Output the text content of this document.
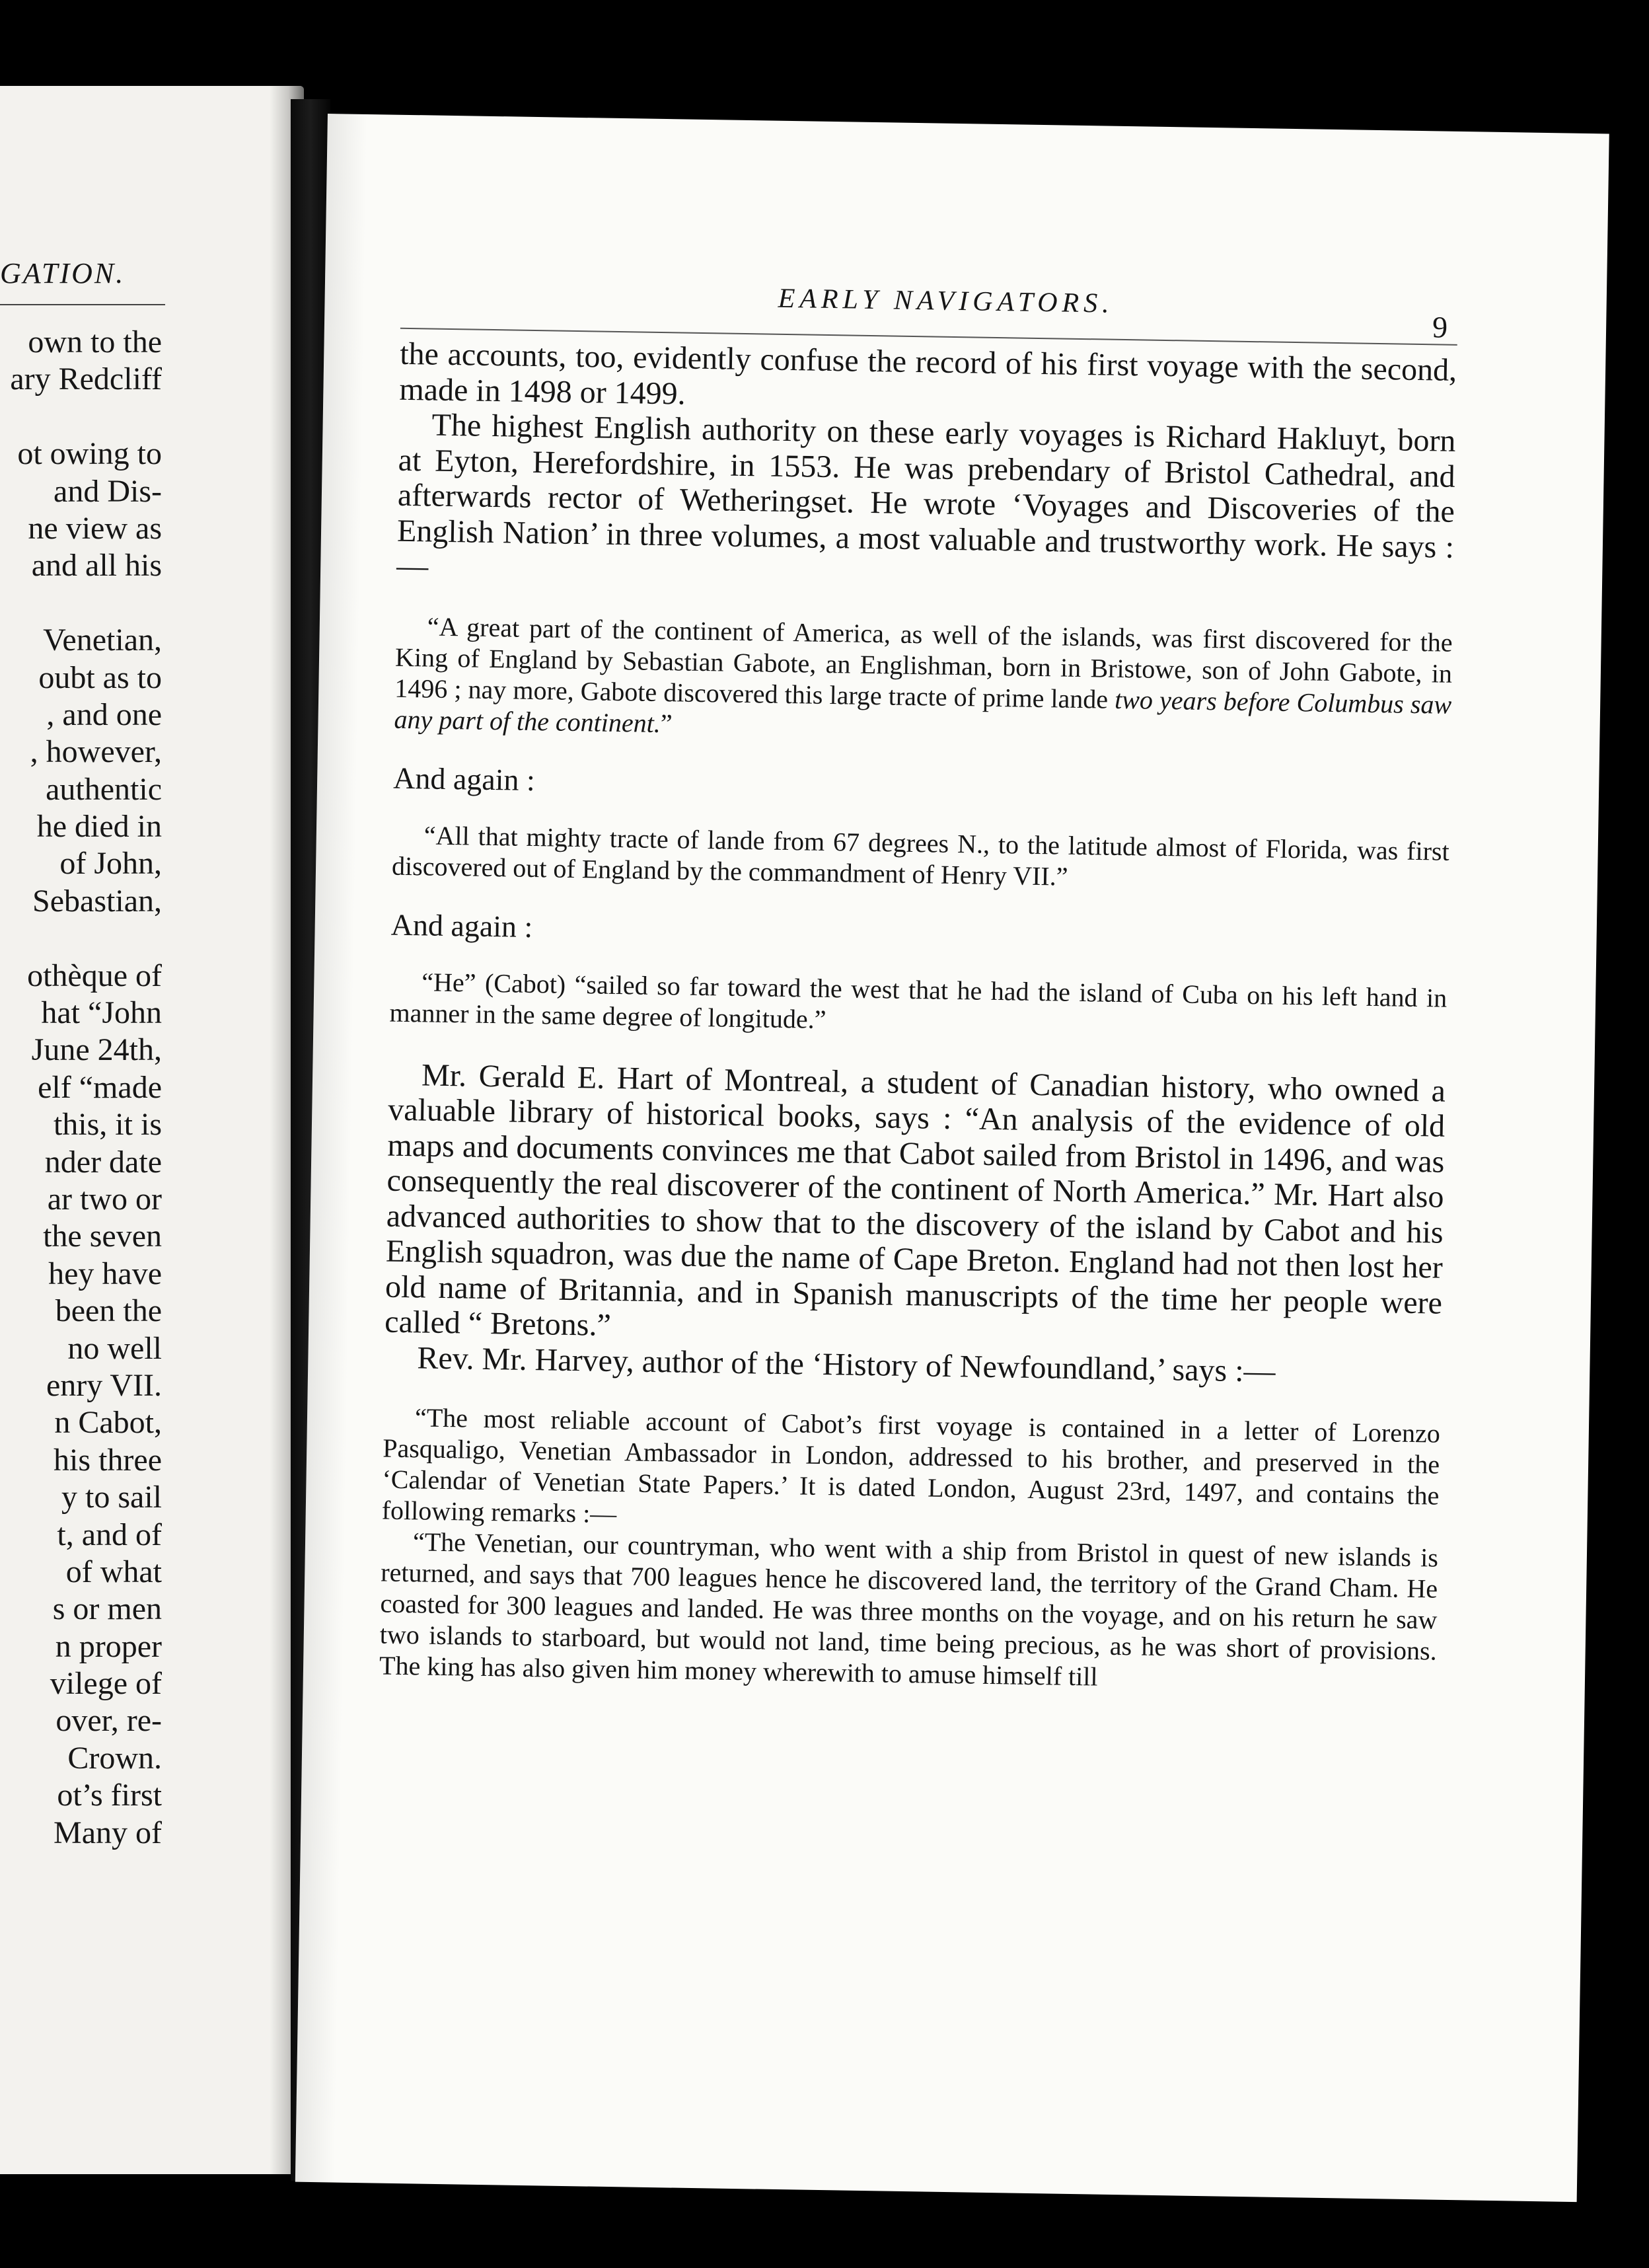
GATION.
own to the
ary Redcliff
ot owing to
and Dis-
ne view as
and all his
Venetian,
oubt as to
, and one
, however,
authentic
he died in
of John,
Sebastian,
othèque of
hat “John
June 24th,
elf “made
this, it is
nder date
ar two or
the seven
hey have
been the
no well
enry VII.
n Cabot,
his three
y to sail
t, and of
of what
s or men
n proper
vilege of
over, re-
Crown.
ot’s first
Many of
EARLY NAVIGATORS.
9

the accounts, too, evidently confuse the record of his first voyage with the second, made in 1498 or 1499.

The highest English authority on these early voyages is Richard Hakluyt, born at Eyton, Herefordshire, in 1553. He was prebendary of Bristol Cathedral, and afterwards rector of Wetheringset. He wrote ‘Voyages and Discoveries of the English Nation’ in three volumes, a most valuable and trustworthy work. He says :—

“A great part of the continent of America, as well of the islands, was first discovered for the King of England by Sebastian Gabote, an Englishman, born in Bristowe, son of John Gabote, in 1496 ; nay more, Gabote discovered this large tracte of prime lande two years before Columbus saw any part of the continent.”

And again :

“All that mighty tracte of lande from 67 degrees N., to the latitude almost of Florida, was first discovered out of England by the commandment of Henry VII.”

And again :

“He” (Cabot) “sailed so far toward the west that he had the island of Cuba on his left hand in manner in the same degree of longitude.”

Mr. Gerald E. Hart of Montreal, a student of Canadian history, who owned a valuable library of historical books, says : “An analysis of the evidence of old maps and documents convinces me that Cabot sailed from Bristol in 1496, and was consequently the real discoverer of the continent of North America.” Mr. Hart also advanced authorities to show that to the discovery of the island by Cabot and his English squadron, was due the name of Cape Breton. England had not then lost her old name of Britannia, and in Spanish manuscripts of the time her people were called “ Bretons.”

Rev. Mr. Harvey, author of the ‘History of Newfoundland,’ says :—

“The most reliable account of Cabot’s first voyage is contained in a letter of Lorenzo Pasqualigo, Venetian Ambassador in London, addressed to his brother, and preserved in the ‘Calendar of Venetian State Papers.’ It is dated London, August 23rd, 1497, and contains the following remarks :—

“The Venetian, our countryman, who went with a ship from Bristol in quest of new islands is returned, and says that 700 leagues hence he discovered land, the territory of the Grand Cham. He coasted for 300 leagues and landed. He was three months on the voyage, and on his return he saw two islands to starboard, but would not land, time being precious, as he was short of provisions. The king has also given him money wherewith to amuse himself till
